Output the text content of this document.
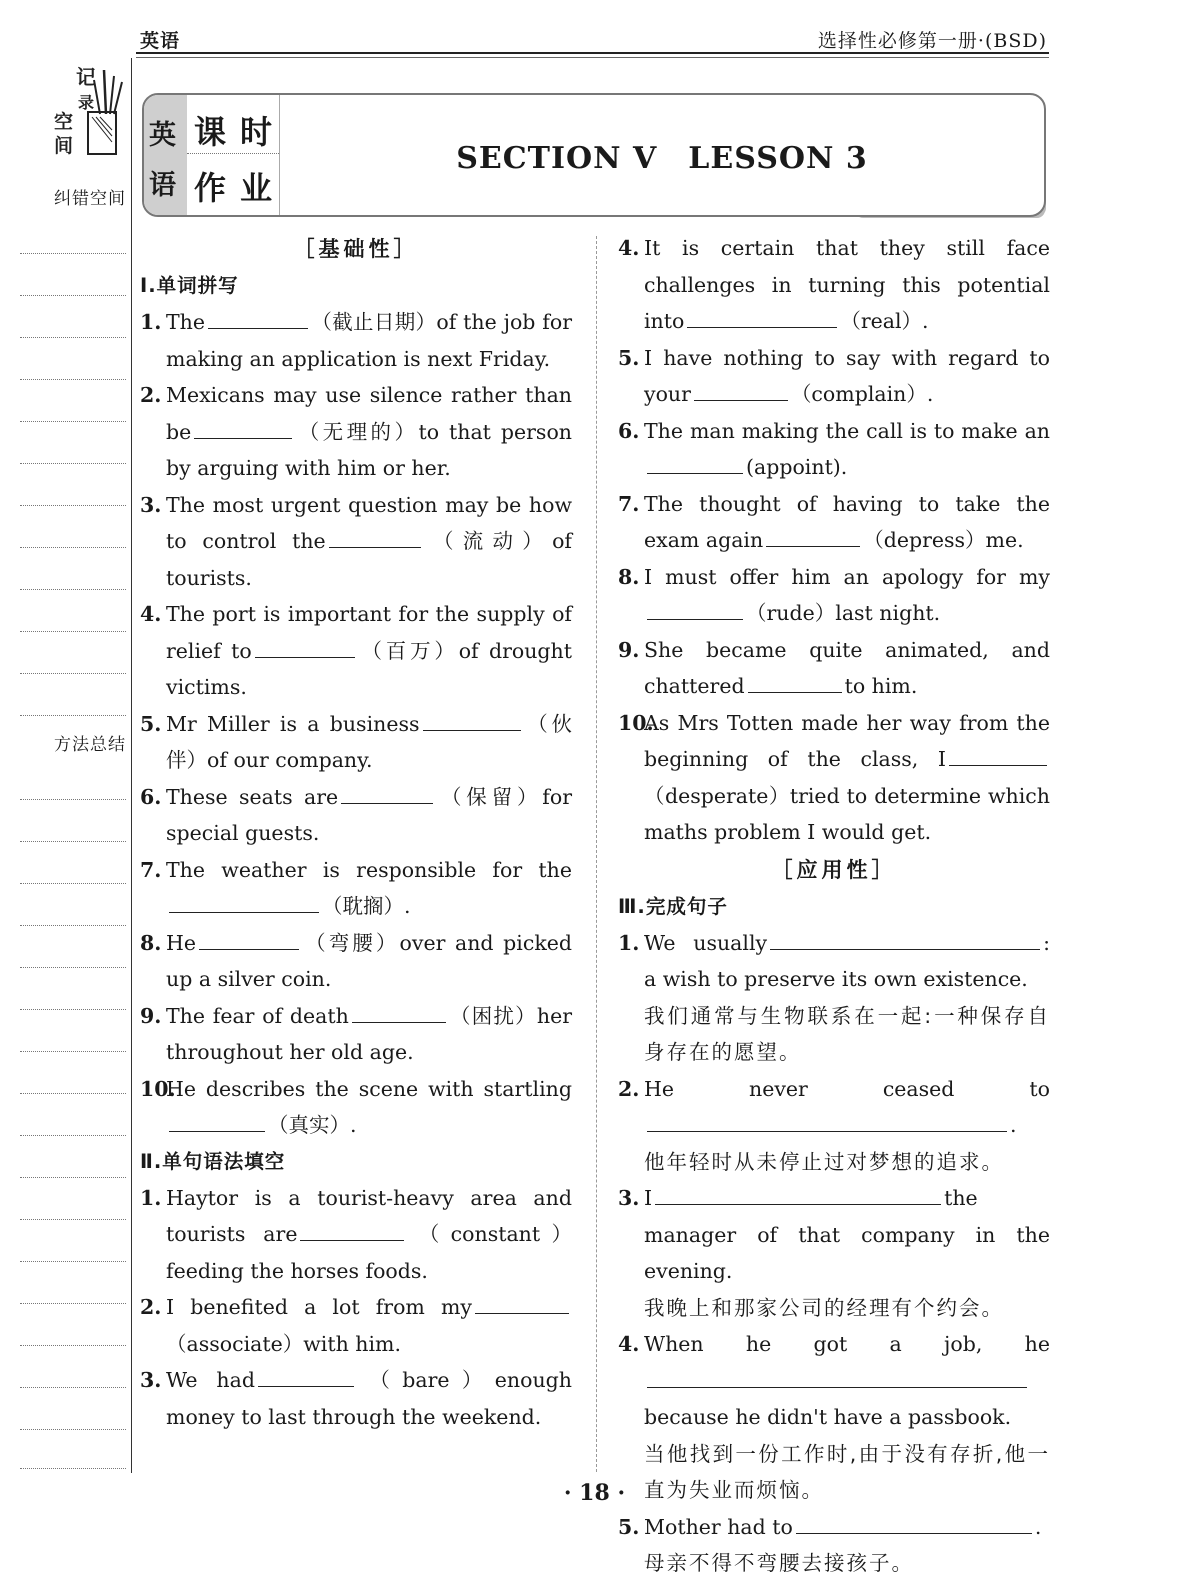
英语	选择性必修第一册·(BSD)
记
录
空
间
纠错空间
方法总结
英
语
课时
作业
SECTION Ⅴ　LESSON 3
［基础性］
Ⅰ.单词拼写
1. The	（截止日期）of the job for making an application is next Friday.
2. Mexicans may use silence rather than be	（无理的）to that person by arguing with him or her.
3. The most urgent question may be how to control the	（流动）of tourists.
4. The port is important for the supply of relief to	（百万）of drought victims.
5. Mr Miller is a business	（伙伴）of our company.
6. These seats are	（保留）for special guests.
7. The weather is responsible for the（耽搁）.
8. He	（弯腰）over and picked up a silver coin.
9. The fear of death	（困扰）her throughout her old age.
10.
He describes the scene with startling（真实）.
Ⅱ.单句语法填空
1. Haytor is a tourist-heavy area and tourists are	（constant）feeding the horses foods.
2. I benefited a lot from my（associate）with him.
3. We had	（bare）enough money to last through the weekend.
4. It is certain that they still face challenges in turning this potential into	（real）.
5. I have nothing to say with regard to your	（complain）.
6. The man making the call is to make an(appoint).
7. The thought of having to take the exam again	（depress）me.
8. I must offer him an apology for my（rude）last night.
9. She became quite animated, and chattered	to him.
10.
As Mrs Totten made her way from the beginning of the class, I（desperate）tried to determine which maths problem I would get.
［应用性］
Ⅲ.完成句子
1. We usually	: a wish to preserve its own existence.
我们通常与生物联系在一起:一种保存自身存在的愿望。
2. He never ceased to.
他年轻时从未停止过对梦想的追求。
3. I	the manager of that company in the evening.
我晚上和那家公司的经理有个约会。
4. When he got a job, hebecause he didn't have a passbook.
当他找到一份工作时,由于没有存折,他一直为失业而烦恼。
5. Mother had to	.
母亲不得不弯腰去接孩子。
· 18 ·
